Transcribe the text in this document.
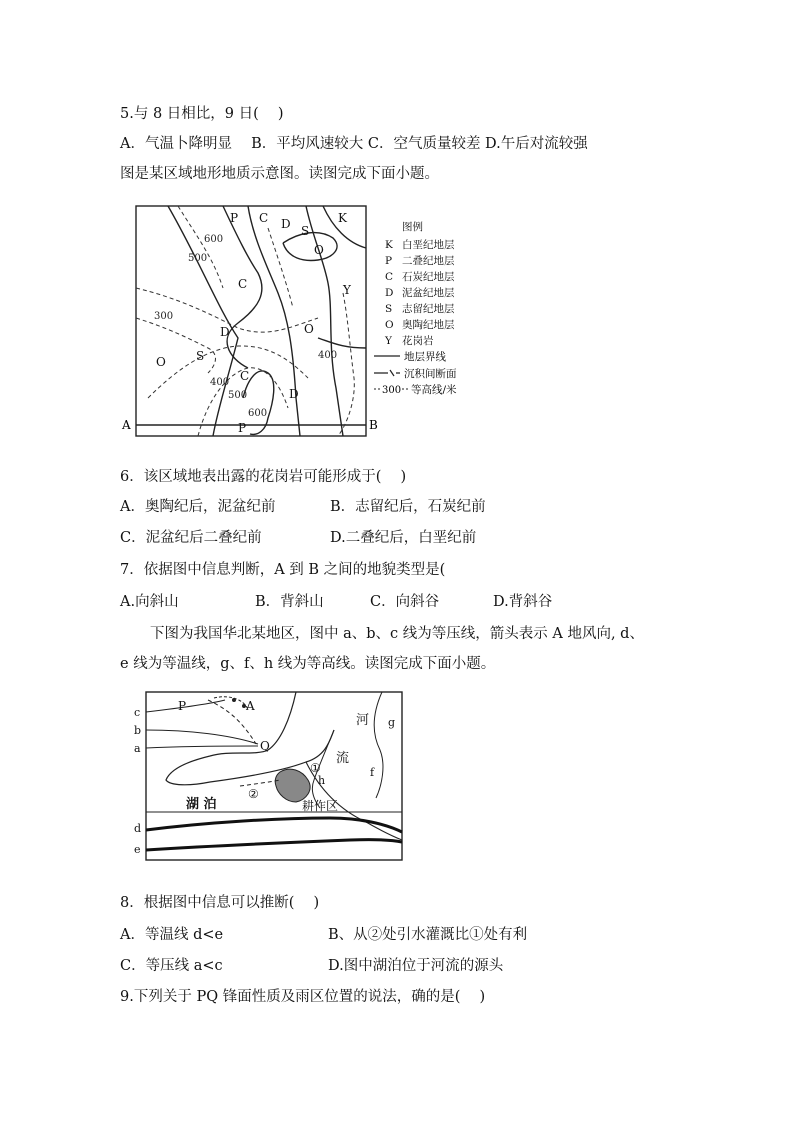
5.与 8 日相比，9 日(　 )
A．气温卜降明显　 B．平均风速较大 C．空气质量较差 D.午后对流较强
图是某区域地形地质示意图。读图完成下面小题。
600
500
300
400
400
500
600
P C D S
K
O
Y
C
D	O
O	S
C
D
P
A	B
图例
K 白垩纪地层
P 二叠纪地层
C 石炭纪地层
D 泥盆纪地层
S 志留纪地层
O 奥陶纪地层
Y 花岗岩
地层界线
沉积间断面
300 等高线/米
6．该区域地表出露的花岗岩可能形成于(　 )
A．奥陶纪后，泥盆纪前	B．志留纪后，石炭纪前
C．泥盆纪后二叠纪前	D.二叠纪后，白垩纪前
7．依据图中信息判断，A 到 B 之间的地貌类型是(
A.向斜山	B．背斜山	C．向斜谷	D.背斜谷
下图为我国华北某地区，图中 a、b、c 线为等压线，箭头表示 A 地风向, d、
e 线为等温线，g、f、h 线为等高线。读图完成下面小题。
c
b
a
d
e
P	A
Q
g
f
h
河
流
湖 泊	耕作区
①
②
8．根据图中信息可以推断(　 )
A．等温线 d<e	B、从②处引水灌溉比①处有利
C．等压线 a<c	D.图中湖泊位于河流的源头
9.下列关于 PQ 锋面性质及雨区位置的说法，确的是(　 )
